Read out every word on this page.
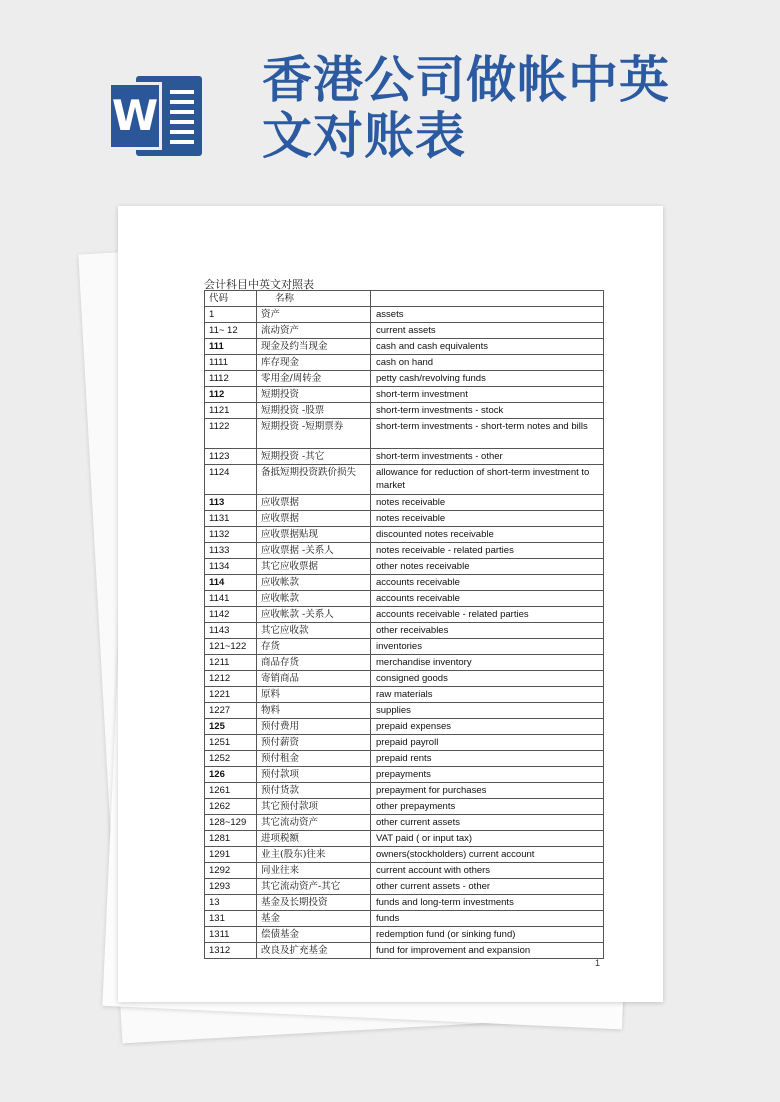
W
香港公司做帐中英
文对账表
会计科目中英文对照表
代码	名称	
1	资产	assets
11~ 12	流动资产	current assets
111	现金及约当现金	cash and cash equivalents
1111	库存现金	cash on hand
1112	零用金/周转金	petty cash/revolving funds
112	短期投资	short-term investment
1121	短期投资 -股票	short-term investments - stock
1122	短期投资 -短期票券	short-term investments - short-term notes and bills
1123	短期投资 -其它	short-term investments - other
1124	备抵短期投资跌价损失	allowance for reduction of short-term investment to market
113	应收票据	notes receivable
1131	应收票据	notes receivable
1132	应收票据贴现	discounted notes receivable
1133	应收票据 -关系人	notes receivable - related parties
1134	其它应收票据	other notes receivable
114	应收帐款	accounts receivable
1141	应收帐款	accounts receivable
1142	应收帐款 -关系人	accounts receivable - related parties
1143	其它应收款	other receivables
121~122	存货	inventories
1211	商品存货	merchandise inventory
1212	寄销商品	consigned goods
1221	原料	raw materials
1227	物料	supplies
125	预付费用	prepaid expenses
1251	预付薪资	prepaid payroll
1252	预付租金	prepaid rents
126	预付款项	prepayments
1261	预付货款	prepayment for purchases
1262	其它预付款项	other prepayments
128~129	其它流动资产	other current assets
1281	进项税额	VAT paid ( or input tax)
1291	业主(股东)往来	owners(stockholders) current account
1292	同业往来	current account with others
1293	其它流动资产-其它	other current assets - other
13	基金及长期投资	funds and long-term investments
131	基金	funds
1311	偿债基金	redemption fund (or sinking fund)
1312	改良及扩充基金	fund for improvement and expansion
1
